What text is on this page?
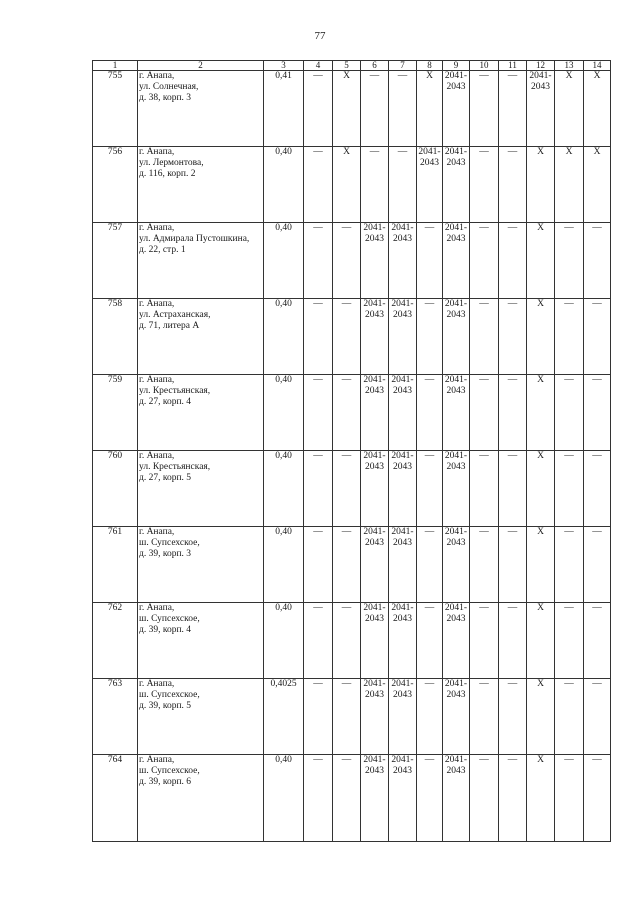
77
1	2	3	4	5	6	7	8	9	10	11	12	13	14
755	г. Анапа,
ул. Солнечная,
д. 38, корп. 3	0,41	—	X	—	—	X	2041-2043	—	—	2041-2043	X	X
756	г. Анапа,
ул. Лермонтова,
д. 116, корп. 2	0,40	—	X	—	—	2041-2043	2041-2043	—	—	X	X	X
757	г. Анапа,
ул. Адмирала Пустошкина,
д. 22, стр. 1	0,40	—	—	2041-2043	2041-2043	—	2041-2043	—	—	X	—	—
758	г. Анапа,
ул. Астраханская,
д. 71, литера А	0,40	—	—	2041-2043	2041-2043	—	2041-2043	—	—	X	—	—
759	г. Анапа,
ул. Крестьянская,
д. 27, корп. 4	0,40	—	—	2041-2043	2041-2043	—	2041-2043	—	—	X	—	—
760	г. Анапа,
ул. Крестьянская,
д. 27, корп. 5	0,40	—	—	2041-2043	2041-2043	—	2041-2043	—	—	X	—	—
761	г. Анапа,
ш. Супсехское,
д. 39, корп. 3	0,40	—	—	2041-2043	2041-2043	—	2041-2043	—	—	X	—	—
762	г. Анапа,
ш. Супсехское,
д. 39, корп. 4	0,40	—	—	2041-2043	2041-2043	—	2041-2043	—	—	X	—	—
763	г. Анапа,
ш. Супсехское,
д. 39, корп. 5	0,4025	—	—	2041-2043	2041-2043	—	2041-2043	—	—	X	—	—
764	г. Анапа,
ш. Супсехское,
д. 39, корп. 6	0,40	—	—	2041-2043	2041-2043	—	2041-2043	—	—	X	—	—
